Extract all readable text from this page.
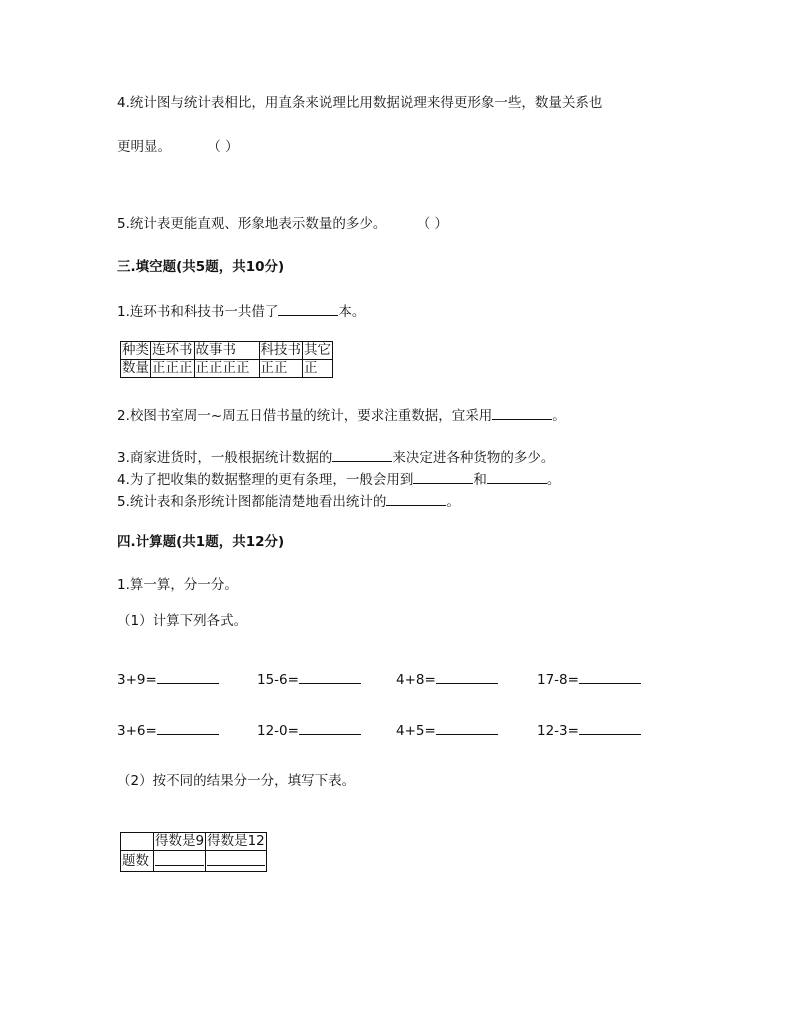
4.统计图与统计表相比，用直条来说理比用数据说理来得更形象一些，数量关系也
更明显。	（ ）
5.统计表更能直观、形象地表示数量的多少。 （ ）
三.填空题(共5题，共10分)
1.连环书和科技书一共借了	本。
种类	连环书	故事书	科技书	其它
数量	正正正	正正正正	正正	正
2.校图书室周一~周五日借书量的统计，要求注重数据，宜采用	。
3.商家进货时，一般根据统计数据的	来决定进各种货物的多少。
4.为了把收集的数据整理的更有条理，一般会用到	和	。
5.统计表和条形统计图都能清楚地看出统计的	。
四.计算题(共1题，共12分)
1.算一算，分一分。
（1）计算下列各式。
3+9=	15-6=	4+8=	17-8=
3+6=	12-0=	4+5=	12-3=
（2）按不同的结果分一分，填写下表。
	得数是9	得数是12
题数		
